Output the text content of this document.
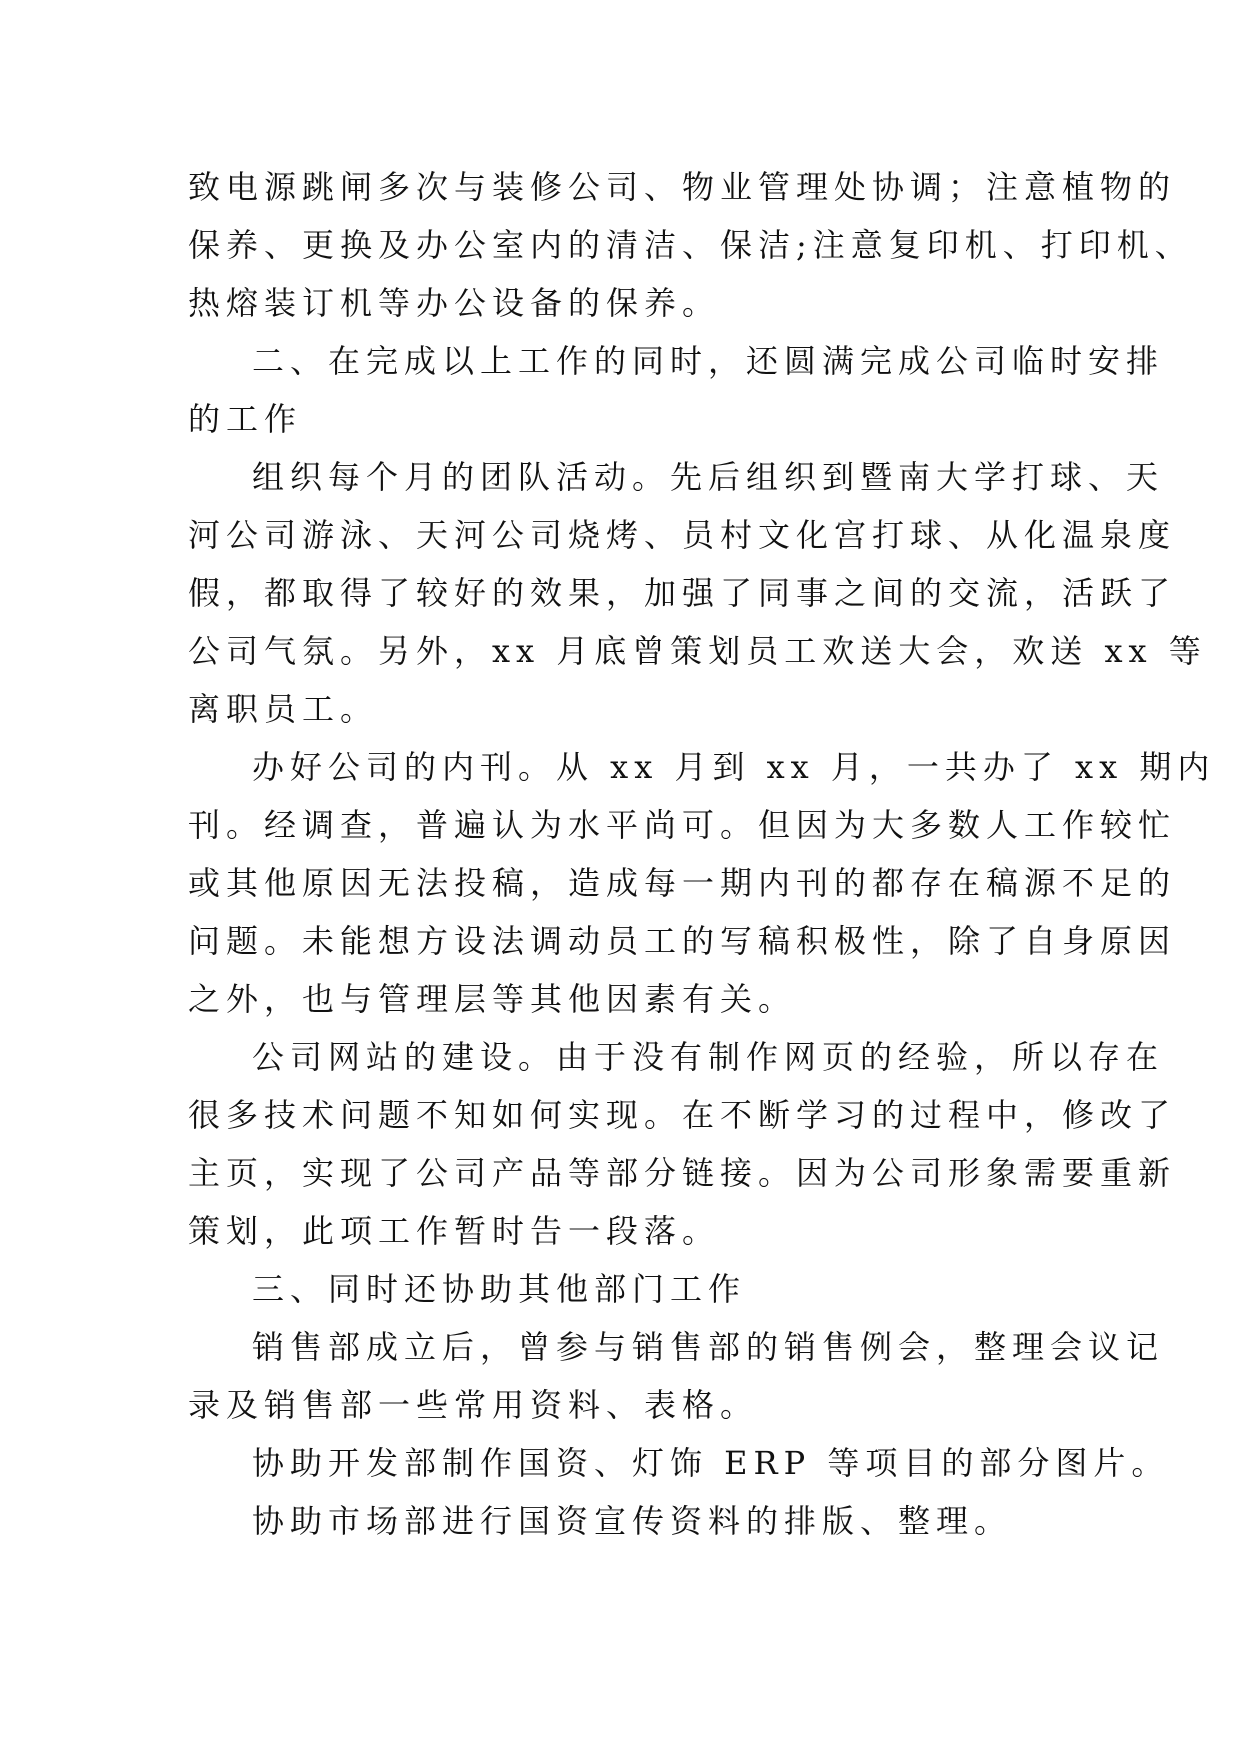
致电源跳闸多次与装修公司、物业管理处协调；注意植物的
保养、更换及办公室内的清洁、保洁;注意复印机、打印机、
热熔装订机等办公设备的保养。
二、在完成以上工作的同时，还圆满完成公司临时安排
的工作
组织每个月的团队活动。先后组织到暨南大学打球、天
河公司游泳、天河公司烧烤、员村文化宫打球、从化温泉度
假，都取得了较好的效果，加强了同事之间的交流，活跃了
公司气氛。另外，xx 月底曾策划员工欢送大会，欢送 xx 等
离职员工。
办好公司的内刊。从 xx 月到 xx 月，一共办了 xx 期内
刊。经调查，普遍认为水平尚可。但因为大多数人工作较忙
或其他原因无法投稿，造成每一期内刊的都存在稿源不足的
问题。未能想方设法调动员工的写稿积极性，除了自身原因
之外，也与管理层等其他因素有关。
公司网站的建设。由于没有制作网页的经验，所以存在
很多技术问题不知如何实现。在不断学习的过程中，修改了
主页，实现了公司产品等部分链接。因为公司形象需要重新
策划，此项工作暂时告一段落。
三、同时还协助其他部门工作
销售部成立后，曾参与销售部的销售例会，整理会议记
录及销售部一些常用资料、表格。
协助开发部制作国资、灯饰 ERP 等项目的部分图片。
协助市场部进行国资宣传资料的排版、整理。
